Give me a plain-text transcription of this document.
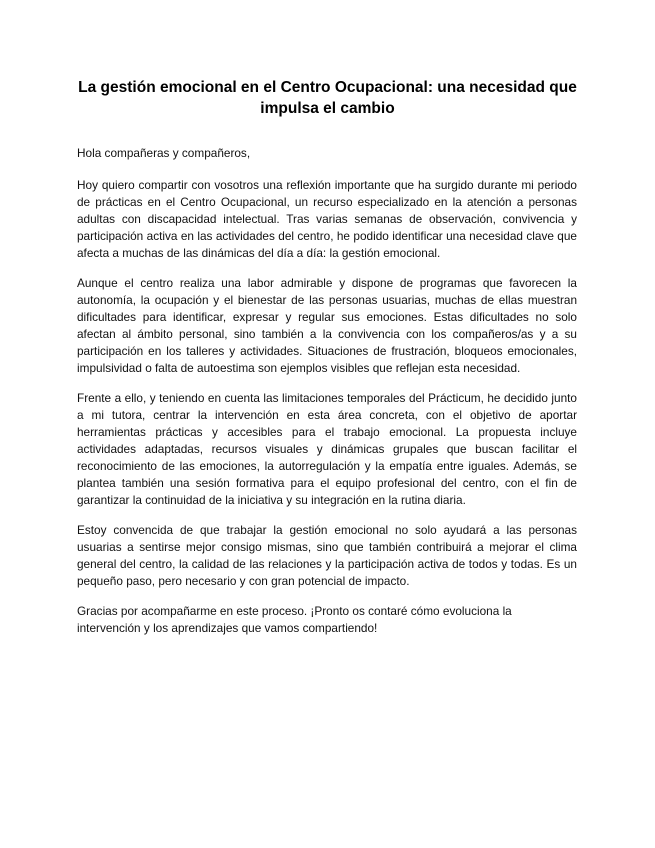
La gestión emocional en el Centro Ocupacional: una necesidad que impulsa el cambio

Hola compañeras y compañeros,

Hoy quiero compartir con vosotros una reflexión importante que ha surgido durante mi periodo de prácticas en el Centro Ocupacional, un recurso especializado en la atención a personas adultas con discapacidad intelectual. Tras varias semanas de observación, convivencia y participación activa en las actividades del centro, he podido identificar una necesidad clave que afecta a muchas de las dinámicas del día a día: la gestión emocional.

Aunque el centro realiza una labor admirable y dispone de programas que favorecen la autonomía, la ocupación y el bienestar de las personas usuarias, muchas de ellas muestran dificultades para identificar, expresar y regular sus emociones. Estas dificultades no solo afectan al ámbito personal, sino también a la convivencia con los compañeros/as y a su participación en los talleres y actividades. Situaciones de frustración, bloqueos emocionales, impulsividad o falta de autoestima son ejemplos visibles que reflejan esta necesidad.

Frente a ello, y teniendo en cuenta las limitaciones temporales del Prácticum, he decidido junto a mi tutora, centrar la intervención en esta área concreta, con el objetivo de aportar herramientas prácticas y accesibles para el trabajo emocional. La propuesta incluye actividades adaptadas, recursos visuales y dinámicas grupales que buscan facilitar el reconocimiento de las emociones, la autorregulación y la empatía entre iguales. Además, se plantea también una sesión formativa para el equipo profesional del centro, con el fin de garantizar la continuidad de la iniciativa y su integración en la rutina diaria.

Estoy convencida de que trabajar la gestión emocional no solo ayudará a las personas usuarias a sentirse mejor consigo mismas, sino que también contribuirá a mejorar el clima general del centro, la calidad de las relaciones y la participación activa de todos y todas. Es un pequeño paso, pero necesario y con gran potencial de impacto.

Gracias por acompañarme en este proceso. ¡Pronto os contaré cómo evoluciona la intervención y los aprendizajes que vamos compartiendo!
